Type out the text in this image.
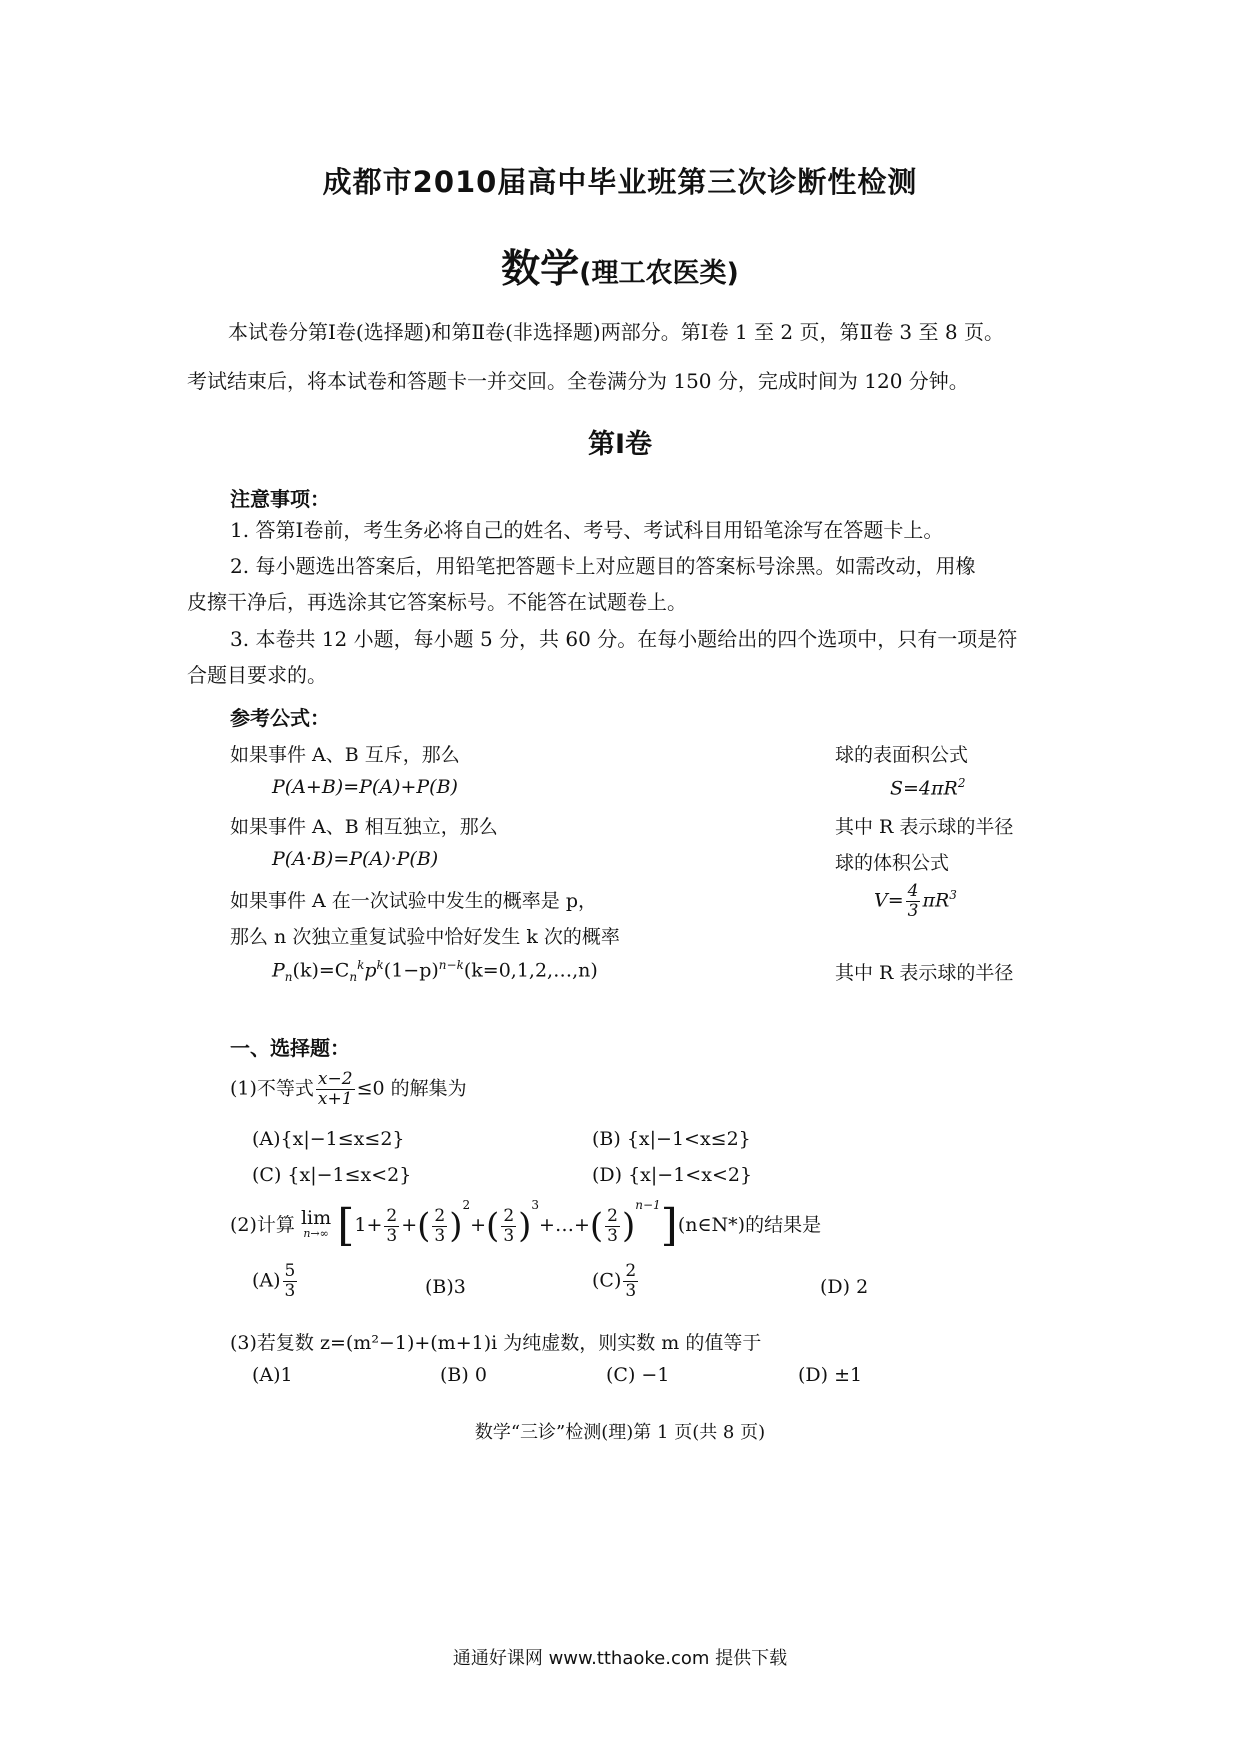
成都市2010届高中毕业班第三次诊断性检测
数学(理工农医类)
本试卷分第Ⅰ卷(选择题)和第Ⅱ卷(非选择题)两部分。第Ⅰ卷 1 至 2 页，第Ⅱ卷 3 至 8 页。
考试结束后，将本试卷和答题卡一并交回。全卷满分为 150 分，完成时间为 120 分钟。
第Ⅰ卷
注意事项：
1. 答第Ⅰ卷前，考生务必将自己的姓名、考号、考试科目用铅笔涂写在答题卡上。
2. 每小题选出答案后，用铅笔把答题卡上对应题目的答案标号涂黑。如需改动，用橡
皮擦干净后，再选涂其它答案标号。不能答在试题卷上。
3. 本卷共 12 小题，每小题 5 分，共 60 分。在每小题给出的四个选项中，只有一项是符
合题目要求的。
参考公式：
如果事件 A、B 互斥，那么
P(A+B)=P(A)+P(B)
如果事件 A、B 相互独立，那么
P(A·B)=P(A)·P(B)
如果事件 A 在一次试验中发生的概率是 p，
那么 n 次独立重复试验中恰好发生 k 次的概率
$P_n(k)=C_n^kp^k(1-p)^{n-k}(k=0,1,2,\dots,n)$
球的表面积公式
$S=4\pi R^2$
其中 R 表示球的半径
球的体积公式
$V= \frac{4}{3} \pi R^3$
其中 R 表示球的半径
一、选择题：
(1)不等式 $\frac{x-2}{x+1} \le 0$ 的解集为
(A){x|−1≤x≤2}	(B) {x|−1<x≤2}
(C) {x|−1≤x<2}	(D) {x|−1<x<2}
(2)计算 lim
n→∞ [$1+ \frac{2}{3}$ +( $\frac{2}{3} )^2+( \frac{2}{3}$ )$^3+\dots+( \frac{2}{3}$ )$^{n-1}$](n∈N*)的结果是
$(A) \frac{5}{3}$	(B)3	$(C) \frac{2}{3}$	(D) 2
(3)若复数 z=(m²−1)+(m+1)i 为纯虚数，则实数 m 的值等于
(A)1	(B) 0	(C) −1	(D) ±1
数学“三诊”检测(理)第 1 页(共 8 页)
通通好课网 www.tthaoke.com 提供下载
